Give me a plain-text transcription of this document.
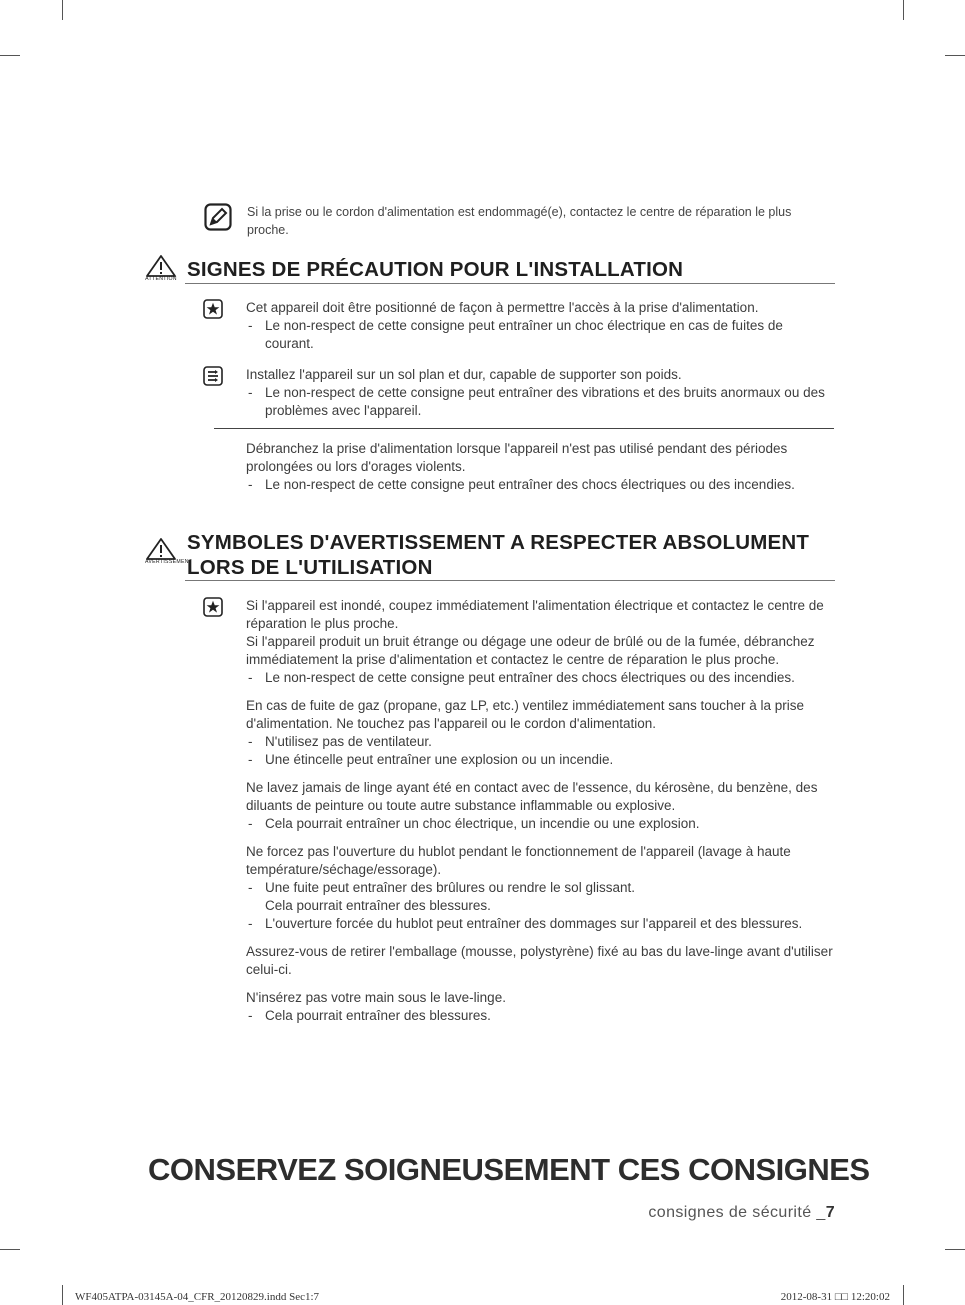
Si la prise ou le cordon d'alimentation est endommagé(e), contactez le centre de réparation le plus proche.
ATTENTION SIGNES DE PRÉCAUTION POUR L'INSTALLATION

Cet appareil doit être positionné de façon à permettre l'accès à la prise d'alimentation.

- Le non-respect de cette consigne peut entraîner un choc électrique en cas de fuites de courant.

Installez l'appareil sur un sol plan et dur, capable de supporter son poids.

- Le non-respect de cette consigne peut entraîner des vibrations et des bruits anormaux ou des problèmes avec l'appareil.

Débranchez la prise d'alimentation lorsque l'appareil n'est pas utilisé pendant des périodes prolongées ou lors d'orages violents.

- Le non-respect de cette consigne peut entraîner des chocs électriques ou des incendies.
AVERTISSEMENT
SYMBOLES D'AVERTISSEMENT A RESPECTER ABSOLUMENT
LORS DE L'UTILISATION

Si l'appareil est inondé, coupez immédiatement l'alimentation électrique et contactez le centre de réparation le plus proche.

Si l'appareil produit un bruit étrange ou dégage une odeur de brûlé ou de la fumée, débranchez immédiatement la prise d'alimentation et contactez le centre de réparation le plus proche.

- Le non-respect de cette consigne peut entraîner des chocs électriques ou des incendies.

En cas de fuite de gaz (propane, gaz LP, etc.) ventilez immédiatement sans toucher à la prise d'alimentation. Ne touchez pas l'appareil ou le cordon d'alimentation.

- N'utilisez pas de ventilateur.
- Une étincelle peut entraîner une explosion ou un incendie.

Ne lavez jamais de linge ayant été en contact avec de l'essence, du kérosène, du benzène, des diluants de peinture ou toute autre substance inflammable ou explosive.

- Cela pourrait entraîner un choc électrique, un incendie ou une explosion.

Ne forcez pas l'ouverture du hublot pendant le fonctionnement de l'appareil (lavage à haute température/séchage/essorage).

- Une fuite peut entraîner des brûlures ou rendre le sol glissant.
Cela pourrait entraîner des blessures.
- L'ouverture forcée du hublot peut entraîner des dommages sur l'appareil et des blessures.

Assurez-vous de retirer l'emballage (mousse, polystyrène) fixé au bas du lave-linge avant d'utiliser celui-ci.

N'insérez pas votre main sous le lave-linge.

- Cela pourrait entraîner des blessures.
CONSERVEZ SOIGNEUSEMENT CES CONSIGNES
consignes de sécurité _7
WF405ATPA-03145A-04_CFR_20120829.indd Sec1:7	2012-08-31 □□ 12:20:02
